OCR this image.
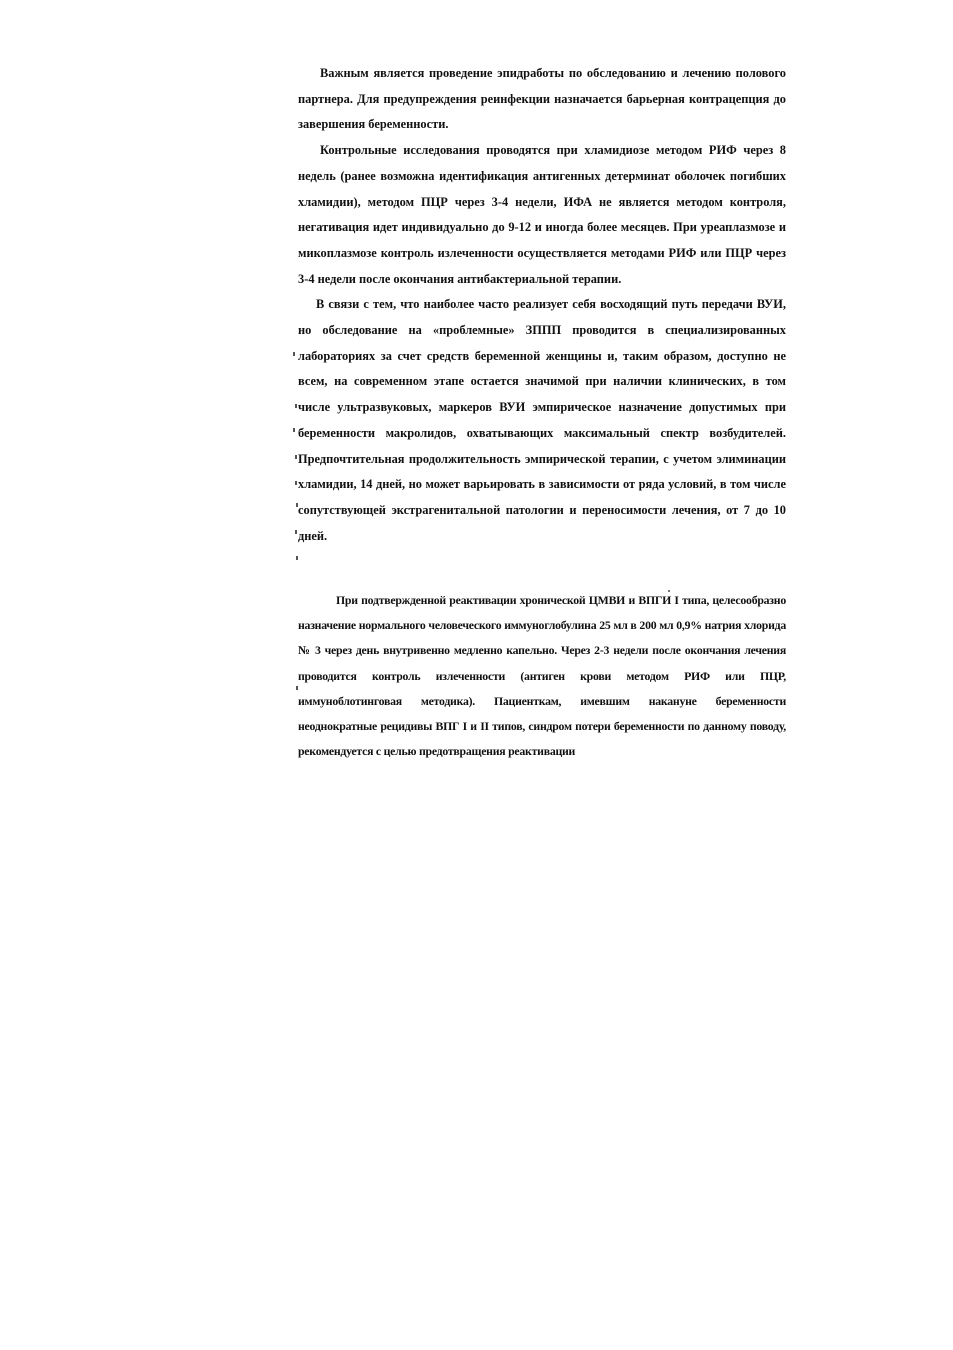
Важным является проведение эпидработы по обследованию и лечению полового партнера. Для предупреждения реинфекции назначается барьерная контрацепция до завершения беременности.

Контрольные исследования проводятся при хламидиозе методом РИФ через 8 недель (ранее возможна идентификация антигенных детерминат оболочек погибших хламидии), методом ПЦР через 3-4 недели, ИФА не является методом контроля, негативация идет индивидуально до 9-12 и иногда более месяцев. При уреаплазмозе и микоплазмозе контроль излеченности осуществляется методами РИФ или ПЦР через 3-4 недели после окончания антибактериальной терапии.

В связи с тем, что наиболее часто реализует себя восходящий путь передачи ВУИ, но обследование на «проблемные» ЗППП проводится в специализированных лабораториях за счет средств беременной женщины и, таким образом, доступно не всем, на современном этапе остается значимой при наличии клинических, в том числе ультразвуковых, маркеров ВУИ эмпирическое назначение допустимых при беременности макролидов, охватывающих максимальный спектр возбудителей. Предпочтительная продолжительность эмпирической терапии, с учетом элиминации хламидии, 14 дней, но может варьировать в зависимости от ряда условий, в том числе сопутствующей экстрагенитальной патологии и переносимости лечения, от 7 до 10 дней.

При подтвержденной реактивации хронической ЦМВИ и ВПГИ I типа, целесообразно назначение нормального человеческого иммуноглобулина 25 мл в 200 мл 0,9% натрия хлорида № 3 через день внутривенно медленно капельно. Через 2-3 недели после окончания лечения проводится контроль излеченности (антиген крови методом РИФ или ПЦР, иммуноблотинговая методика). Пациенткам, имевшим накануне беременности неоднократные рецидивы ВПГ I и II типов, синдром потери беременности по данному поводу, рекомендуется с целью предотвращения реактивации
